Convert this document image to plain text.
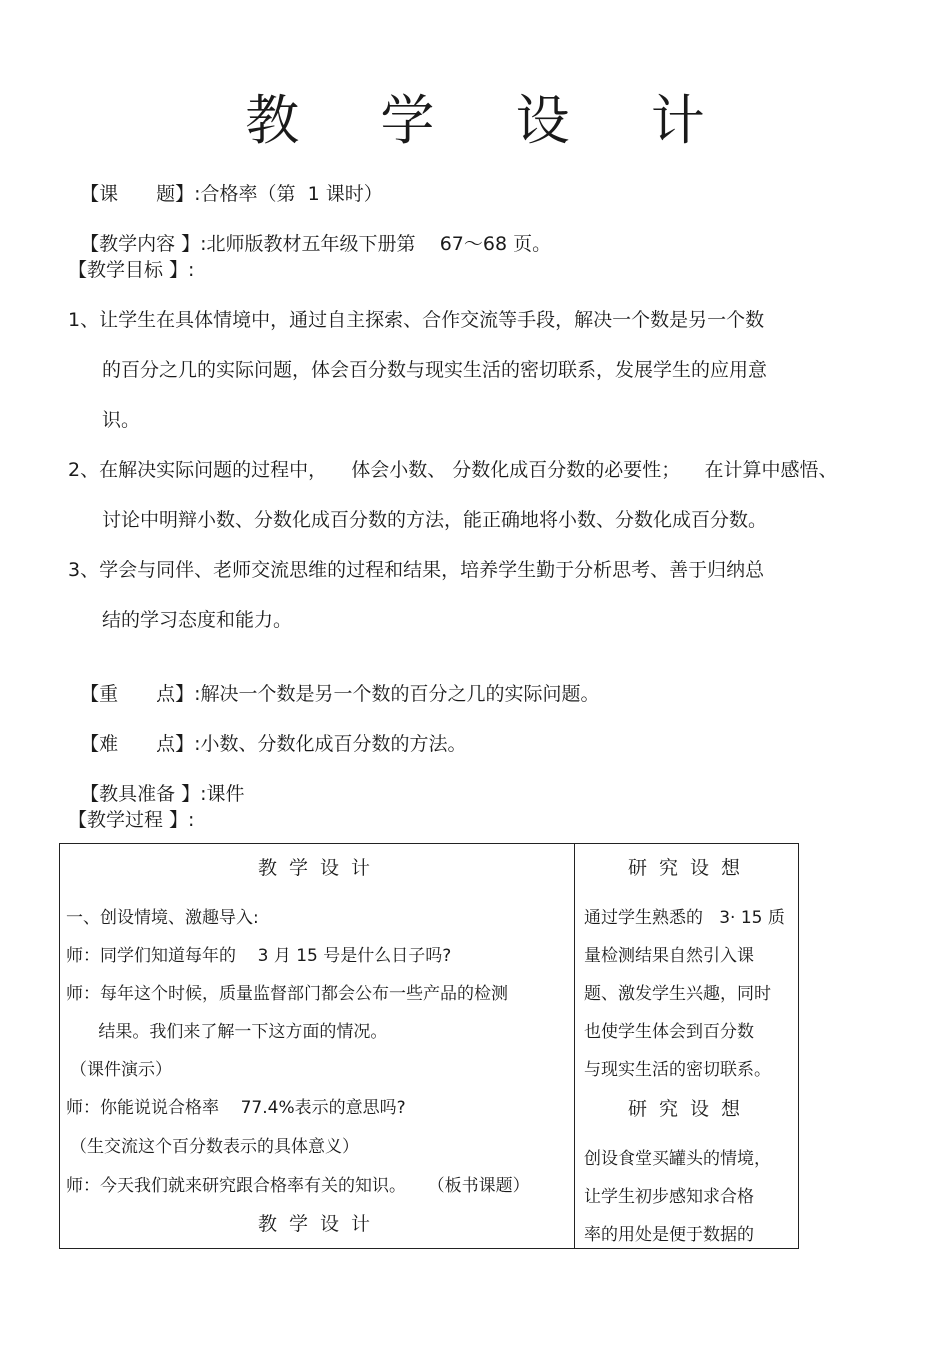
教 学 设 计

【课　　题】:合格率（第  1 课时）

【教学内容 】:北师版教材五年级下册第    67～68 页。

【教学目标 】:
1、让学生在具体情境中，通过自主探索、合作交流等手段，解决一个数是另一个数
的百分之几的实际问题，体会百分数与现实生活的密切联系，发展学生的应用意
识。
2、在解决实际问题的过程中，    体会小数、 分数化成百分数的必要性；    在计算中感悟、
讨论中明辩小数、分数化成百分数的方法，能正确地将小数、分数化成百分数。
3、学会与同伴、老师交流思维的过程和结果，培养学生勤于分析思考、善于归纳总
结的学习态度和能力。

【重　　点】:解决一个数是另一个数的百分之几的实际问题。

【难　　点】:小数、分数化成百分数的方法。

【教具准备 】:课件

【教学过程 】:
教学设计	研究设想
一、创设情境、激趣导入:
师：同学们知道每年的    3 月 15 号是什么日子吗?
师：每年这个时候，质量监督部门都会公布一些产品的检测
结果。我们来了解一下这方面的情况。
（课件演示）
师：你能说说合格率    77.4%表示的意思吗?
（生交流这个百分数表示的具体意义）
师：今天我们就来研究跟合格率有关的知识。    （板书课题）
教学设计
通过学生熟悉的   3· 15 质
量检测结果自然引入课
题、激发学生兴趣，同时
也使学生体会到百分数
与现实生活的密切联系。
研究设想
创设食堂买罐头的情境，
让学生初步感知求合格
率的用处是便于数据的
